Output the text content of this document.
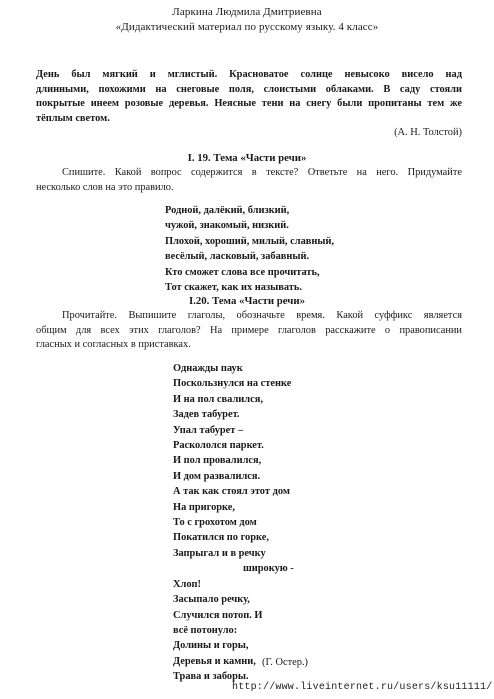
Ларкина Людмила Дмитриевна
«Дидактический материал по русскому языку. 4 класс»
День был мягкий и мглистый. Красноватое солнце невысоко висело над
длинными, похожими на снеговые поля, слоистыми облаками. В саду стояли
покрытые инеем розовые деревья. Неясные тени на снегу были пропитаны тем же
тёплым светом.
(А. Н. Толстой)
I. 19. Тема «Части речи»
Спишите. Какой вопрос содержится в тексте? Ответьте на него. Придумайте
несколько слов на это правило.
Родной, далёкий, близкий,
чужой, знакомый, низкий.
Плохой, хороший, милый, славный,
весёлый, ласковый, забавный.
Кто сможет слова все прочитать,
Тот скажет, как их называть.
I.20. Тема «Части речи»
Прочитайте. Выпишите глаголы, обозначьте время. Какой суффикс является
общим для всех этих глаголов? На примере глаголов расскажите о правописании
гласных и согласных в приставках.
Однажды паук
Поскользнулся на стенке
И на пол свалился,
Задев табурет.
Упал табурет –
Раскололся паркет.
И пол провалился,
И дом развалился.
А так как стоял этот дом
На пригорке,
То с грохотом дом
Покатился по горке,
Запрыгал и в речку
широкую -
Хлоп!
Засыпало речку,
Случился потоп. И
всё потонуло:
Долины и горы,
Деревья и камни,
Трава и заборы.
(Г. Остер.)
http://www.liveinternet.ru/users/ksu11111/
